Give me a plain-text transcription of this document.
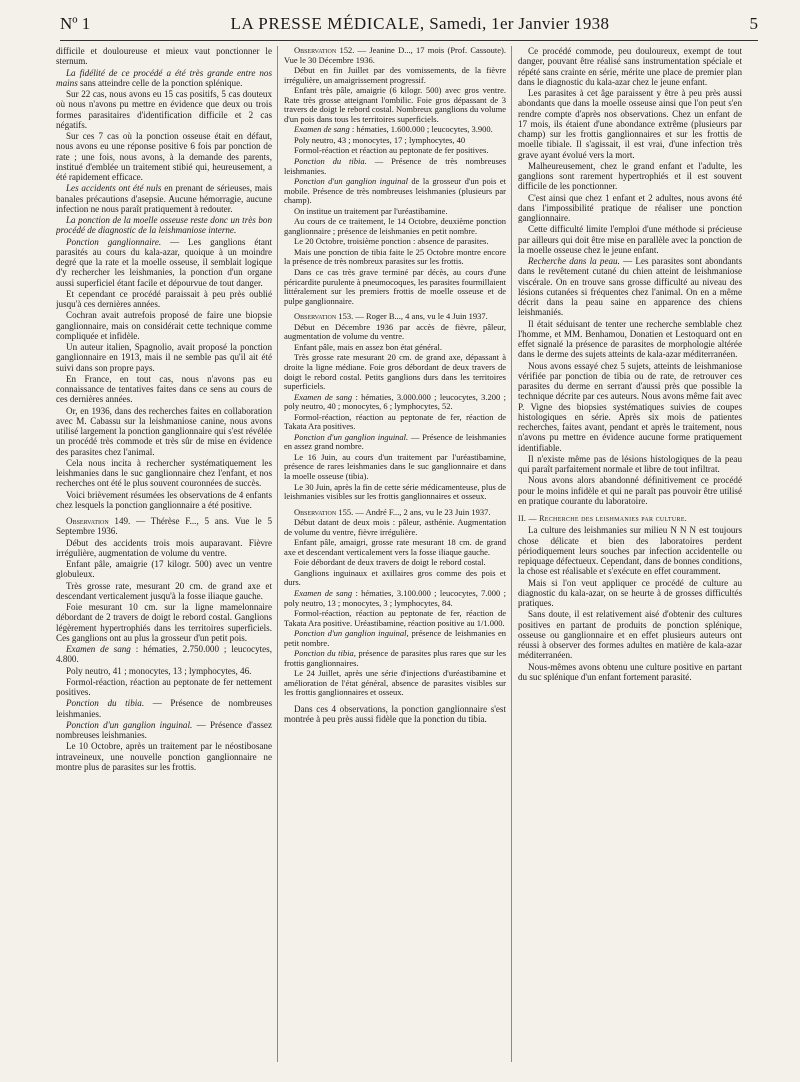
Nº 1	LA PRESSE MÉDICALE, Samedi, 1er Janvier 1938	5

difficile et douloureuse et mieux vaut ponctionner le sternum.

La fidélité de ce procédé a été très grande entre nos mains sans atteindre celle de la ponction splénique.

Sur 22 cas, nous avons eu 15 cas positifs, 5 cas douteux où nous n'avons pu mettre en évidence que deux ou trois formes parasitaires d'identification difficile et 2 cas négatifs.

Sur ces 7 cas où la ponction osseuse était en défaut, nous avons eu une réponse positive 6 fois par ponction de rate ; une fois, nous avons, à la demande des parents, institué d'emblée un traitement stibié qui, heureusement, a été rapidement efficace.

Les accidents ont été nuls en prenant de sérieuses, mais banales précautions d'asepsie. Aucune hémorragie, aucune infection ne nous paraît pratiquement à redouter.

La ponction de la moelle osseuse reste donc un très bon procédé de diagnostic de la leishmaniose interne.

Ponction ganglionnaire. — Les ganglions étant parasités au cours du kala-azar, quoique à un moindre degré que la rate et la moelle osseuse, il semblait logique d'y rechercher les leishmanies, la ponction d'un organe aussi superficiel étant facile et dépourvue de tout danger.

Et cependant ce procédé paraissait à peu près oublié jusqu'à ces dernières années.

Cochran avait autrefois proposé de faire une biopsie ganglionnaire, mais on considérait cette technique comme compliquée et infidèle.

Un auteur italien, Spagnolio, avait proposé la ponction ganglionnaire en 1913, mais il ne semble pas qu'il ait été suivi dans son propre pays.

En France, en tout cas, nous n'avons pas eu connaissance de tentatives faites dans ce sens au cours de ces dernières années.

Or, en 1936, dans des recherches faites en collaboration avec M. Cabassu sur la leishmaniose canine, nous avons utilisé largement la ponction ganglionnaire qui s'est révélée un procédé très commode et très sûr de mise en évidence des parasites chez l'animal.

Cela nous incita à rechercher systématiquement les leishmanies dans le suc ganglionnaire chez l'enfant, et nos recherches ont été le plus souvent couronnées de succès.

Voici brièvement résumées les observations de 4 enfants chez lesquels la ponction ganglionnaire a été positive.

Observation 149. — Thérèse F..., 5 ans. Vue le 5 Septembre 1936.

Début des accidents trois mois auparavant. Fièvre irrégulière, augmentation de volume du ventre.

Enfant pâle, amaigrie (17 kilogr. 500) avec un ventre globuleux.

Très grosse rate, mesurant 20 cm. de grand axe et descendant verticalement jusqu'à la fosse iliaque gauche.

Foie mesurant 10 cm. sur la ligne mamelonnaire débordant de 2 travers de doigt le rebord costal. Ganglions légèrement hypertrophiés dans les territoires superficiels. Ces ganglions ont au plus la grosseur d'un petit pois.

Examen de sang : hématies, 2.750.000 ; leucocytes, 4.800.

Poly neutro, 41 ; monocytes, 13 ; lymphocytes, 46.

Formol-réaction, réaction au peptonate de fer nettement positives.

Ponction du tibia. — Présence de nombreuses leishmanies.

Ponction d'un ganglion inguinal. — Présence d'assez nombreuses leishmanies.

Le 10 Octobre, après un traitement par le néostibosane intraveineux, une nouvelle ponction ganglionnaire ne montre plus de parasites sur les frottis.

Observation 152. — Jeanine D..., 17 mois (Prof. Cassoute). Vue le 30 Décembre 1936.

Début en fin Juillet par des vomissements, de la fièvre irrégulière, un amaigrissement progressif.

Enfant très pâle, amaigrie (6 kilogr. 500) avec gros ventre. Rate très grosse atteignant l'ombilic. Foie gros dépassant de 3 travers de doigt le rebord costal. Nombreux ganglions du volume d'un pois dans tous les territoires superficiels.

Examen de sang : hématies, 1.600.000 ; leucocytes, 3.900.

Poly neutro, 43 ; monocytes, 17 ; lymphocytes, 40

Formol-réaction et réaction au peptonate de fer positives.

Ponction du tibia. — Présence de très nombreuses leishmanies.

Ponction d'un ganglion inguinal de la grosseur d'un pois et mobile. Présence de très nombreuses leishmanies (plusieurs par champ).

On institue un traitement par l'uréastibamine.

Au cours de ce traitement, le 14 Octobre, deuxième ponction ganglionnaire ; présence de leishmanies en petit nombre.

Le 20 Octobre, troisième ponction : absence de parasites.

Mais une ponction de tibia faite le 25 Octobre montre encore la présence de très nombreux parasites sur les frottis.

Dans ce cas très grave terminé par décès, au cours d'une péricardite purulente à pneumocoques, les parasites fourmillaient littéralement sur les premiers frottis de moelle osseuse et de pulpe ganglionnaire.

Observation 153. — Roger B..., 4 ans, vu le 4 Juin 1937.

Début en Décembre 1936 par accès de fièvre, pâleur, augmentation de volume du ventre.

Enfant pâle, mais en assez bon état général.

Très grosse rate mesurant 20 cm. de grand axe, dépassant à droite la ligne médiane. Foie gros débordant de deux travers de doigt le rebord costal. Petits ganglions durs dans les territoires superficiels.

Examen de sang : hématies, 3.000.000 ; leucocytes, 3.200 ; poly neutro, 40 ; monocytes, 6 ; lymphocytes, 52.

Formol-réaction, réaction au peptonate de fer, réaction de Takata Ara positives.

Ponction d'un ganglion inguinal. — Présence de leishmanies en assez grand nombre.

Le 16 Juin, au cours d'un traitement par l'uréastibamine, présence de rares leishmanies dans le suc ganglionnaire et dans la moelle osseuse (tibia).

Le 30 Juin, après la fin de cette série médicamenteuse, plus de leishmanies visibles sur les frottis ganglionnaires et osseux.

Observation 155. — André F..., 2 ans, vu le 23 Juin 1937.

Début datant de deux mois : pâleur, asthénie. Augmentation de volume du ventre, fièvre irrégulière.

Enfant pâle, amaigri, grosse rate mesurant 18 cm. de grand axe et descendant verticalement vers la fosse iliaque gauche.

Foie débordant de deux travers de doigt le rebord costal.

Ganglions inguinaux et axillaires gros comme des pois et durs.

Examen de sang : hématies, 3.100.000 ; leucocytes, 7.000 ; poly neutro, 13 ; monocytes, 3 ; lymphocytes, 84.

Formol-réaction, réaction au peptonate de fer, réaction de Takata Ara positive. Uréastibamine, réaction positive au 1/1.000.

Ponction d'un ganglion inguinal, présence de leishmanies en petit nombre.

Ponction du tibia, présence de parasites plus rares que sur les frottis ganglionnaires.

Le 24 Juillet, après une série d'injections d'uréastibamine et amélioration de l'état général, absence de parasites visibles sur les frottis ganglionnaires et osseux.

Dans ces 4 observations, la ponction ganglionnaire s'est montrée à peu près aussi fidèle que la ponction du tibia.

Ce procédé commode, peu douloureux, exempt de tout danger, pouvant être réalisé sans instrumentation spéciale et répété sans crainte en série, mérite une place de premier plan dans le diagnostic du kala-azar chez le jeune enfant.

Les parasites à cet âge paraissent y être à peu près aussi abondants que dans la moelle osseuse ainsi que l'on peut s'en rendre compte d'après nos observations. Chez un enfant de 17 mois, ils étaient d'une abondance extrême (plusieurs par champ) sur les frottis ganglionnaires et sur les frottis de moelle tibiale. Il s'agissait, il est vrai, d'une infection très grave ayant évolué vers la mort.

Malheureusement, chez le grand enfant et l'adulte, les ganglions sont rarement hypertrophiés et il est souvent difficile de les ponctionner.

C'est ainsi que chez 1 enfant et 2 adultes, nous avons été dans l'impossibilité pratique de réaliser une ponction ganglionnaire.

Cette difficulté limite l'emploi d'une méthode si précieuse par ailleurs qui doit être mise en parallèle avec la ponction de la moelle osseuse chez le jeune enfant.

Recherche dans la peau. — Les parasites sont abondants dans le revêtement cutané du chien atteint de leishmaniose viscérale. On en trouve sans grosse difficulté au niveau des lésions cutanées si fréquentes chez l'animal. On en a même décrit dans la peau saine en apparence des chiens leishmaniés.

Il était séduisant de tenter une recherche semblable chez l'homme, et MM. Benhamou, Donatien et Lestoquard ont en effet signalé la présence de parasites de morphologie altérée dans le derme des sujets atteints de kala-azar méditerranéen.

Nous avons essayé chez 5 sujets, atteints de leishmaniose vérifiée par ponction de tibia ou de rate, de retrouver ces parasites du derme en serrant d'aussi près que possible la technique décrite par ces auteurs. Nous avons même fait avec P. Vigne des biopsies systématiques suivies de coupes histologiques en série. Après six mois de patientes recherches, faites avant, pendant et après le traitement, nous n'avons pu mettre en évidence aucune forme pratiquement identifiable.

Il n'existe même pas de lésions histologiques de la peau qui paraît parfaitement normale et libre de tout infiltrat.

Nous avons alors abandonné définitivement ce procédé pour le moins infidèle et qui ne paraît pas pouvoir être utilisé en pratique courante du laboratoire.

II. — Recherche des leishmanies par culture.

La culture des leishmanies sur milieu N N N est toujours chose délicate et bien des laboratoires perdent périodiquement leurs souches par infection accidentelle ou repiquage défectueux. Cependant, dans de bonnes conditions, la chose est réalisable et s'exécute en effet couramment.

Mais si l'on veut appliquer ce procédé de culture au diagnostic du kala-azar, on se heurte à de grosses difficultés pratiques.

Sans doute, il est relativement aisé d'obtenir des cultures positives en partant de produits de ponction splénique, osseuse ou ganglionnaire et en effet plusieurs auteurs ont réussi à observer des formes adultes en matière de kala-azar méditerranéen.

Nous-mêmes avons obtenu une culture positive en partant du suc splénique d'un enfant fortement parasité.
